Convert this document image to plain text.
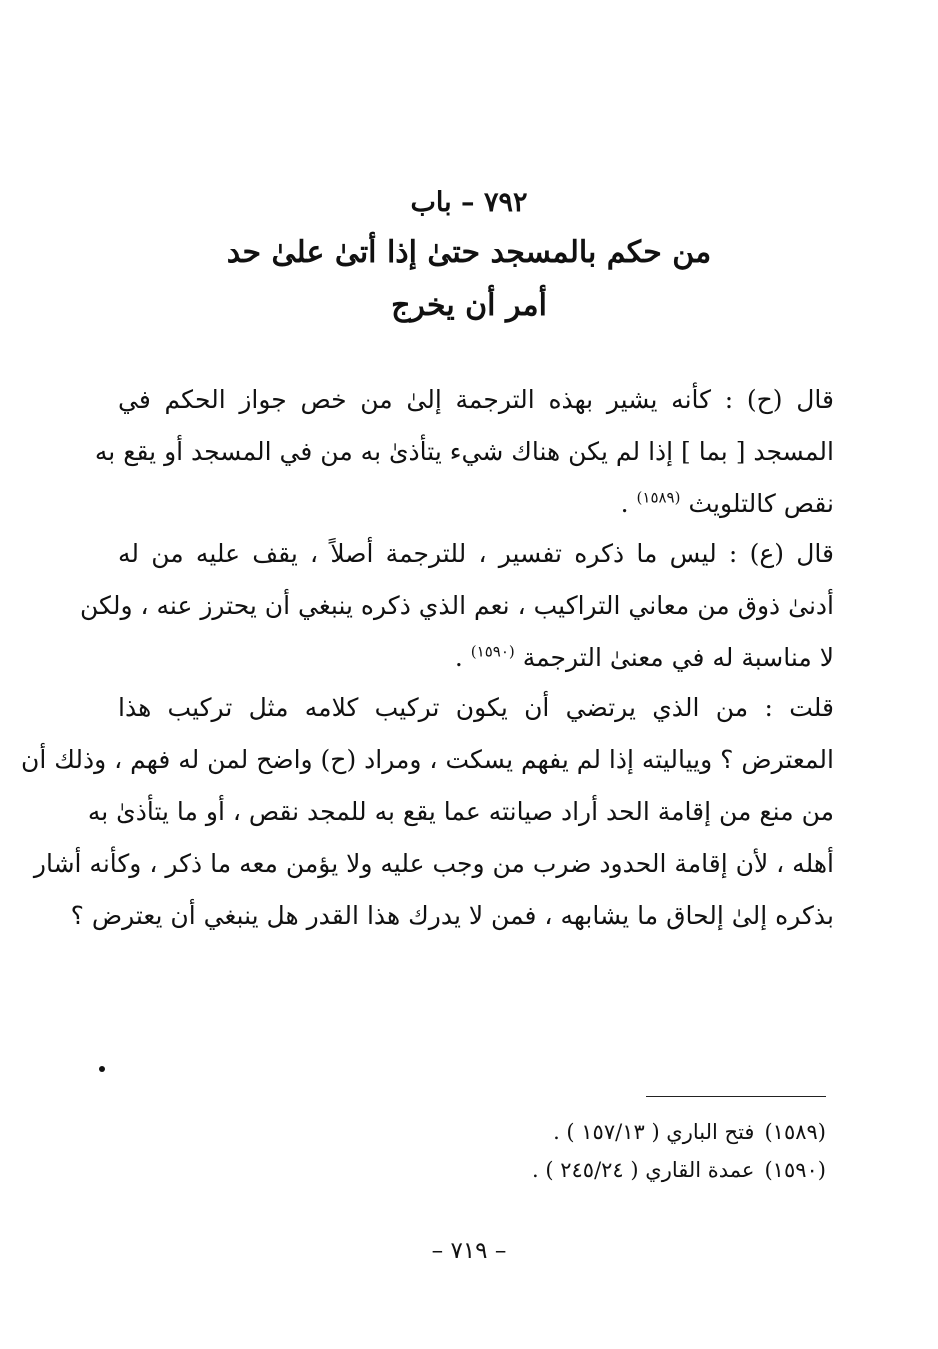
٧٩٢ – باب
من حكم بالمسجد حتىٰ إذا أتىٰ علىٰ حد
أمر أن يخرج

قال (ح) : كأنه يشير بهذه الترجمة إلىٰ من خص جواز الحكم في
المسجد [ بما ] إذا لم يكن هناك شيء يتأذىٰ به من في المسجد أو يقع به
نقص كالتلويث $^{(١٥٨٩)}$ .

قال (ع) : ليس ما ذكره تفسير ، للترجمة أصلاً ، يقف عليه من له
أدنىٰ ذوق من معاني التراكيب ، نعم الذي ذكره ينبغي أن يحترز عنه ، ولكن
لا مناسبة له في معنىٰ الترجمة $^{(١٥٩٠)}$ .

قلت : من الذي يرتضي أن يكون تركيب كلامه مثل تركيب هذا
المعترض ؟ ويياليته إذا لم يفهم يسكت ، ومراد (ح) واضح لمن له فهم ، وذلك أن
من منع من إقامة الحد أراد صيانته عما يقع به للمجد نقص ، أو ما يتأذىٰ به
أهله ، لأن إقامة الحدود ضرب من وجب عليه ولا يؤمن معه ما ذكر ، وكأنه أشار
بذكره إلىٰ إلحاق ما يشابهه ، فمن لا يدرك هذا القدر هل ينبغي أن يعترض ؟

(١٥٨٩)فتح الباري ( ١٥٧/١٣ ) .
(١٥٩٠)عمدة القاري ( ٢٤٥/٢٤ ) .
– ٧١٩ –
